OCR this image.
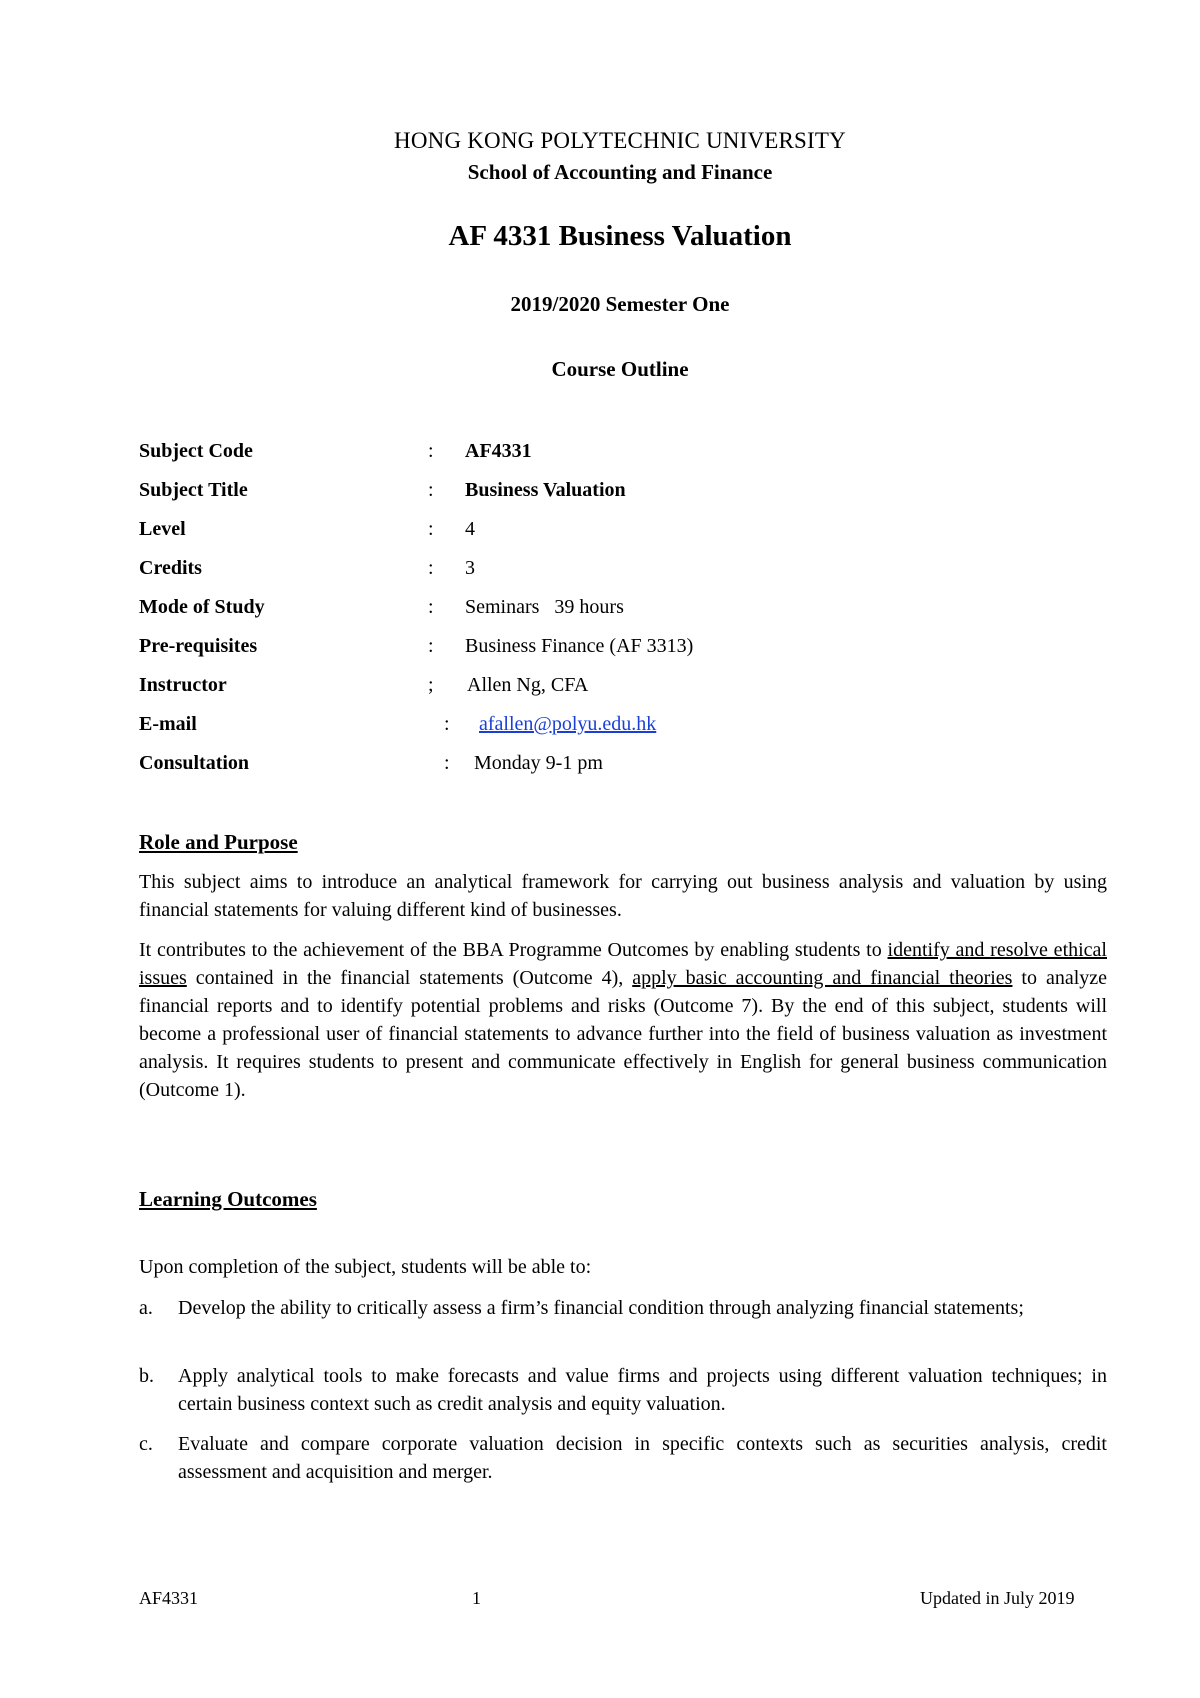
HONG KONG POLYTECHNIC UNIVERSITY
School of Accounting and Finance
AF 4331 Business Valuation
2019/2020 Semester One
Course Outline
Subject Code	: AF4331
Subject Title	: Business Valuation
Level	: 4
Credits	: 3
Mode of Study	: Seminars   39 hours
Pre-requisites	: Business Finance (AF 3313)
Instructor	; Allen Ng, CFA
E-mail	: afallen@polyu.edu.hk
Consultation	: Monday 9-1 pm
Role and Purpose
This subject aims to introduce an analytical framework for carrying out business analysis and valuation by using financial statements for valuing different kind of businesses.
It contributes to the achievement of the BBA Programme Outcomes by enabling students to identify and resolve ethical issues contained in the financial statements (Outcome 4), apply basic accounting and financial theories to analyze financial reports and to identify potential problems and risks (Outcome 7). By the end of this subject, students will become a professional user of financial statements to advance further into the field of business valuation as investment analysis. It requires students to present and communicate effectively in English for general business communication (Outcome 1).
Learning Outcomes
Upon completion of the subject, students will be able to:
a. Develop the ability to critically assess a firm’s financial condition through analyzing financial statements;
b. Apply analytical tools to make forecasts and value firms and projects using different valuation techniques; in certain business context such as credit analysis and equity valuation.
c. Evaluate and compare corporate valuation decision in specific contexts such as securities analysis, credit assessment and acquisition and merger.
AF4331	1	Updated in July 2019
